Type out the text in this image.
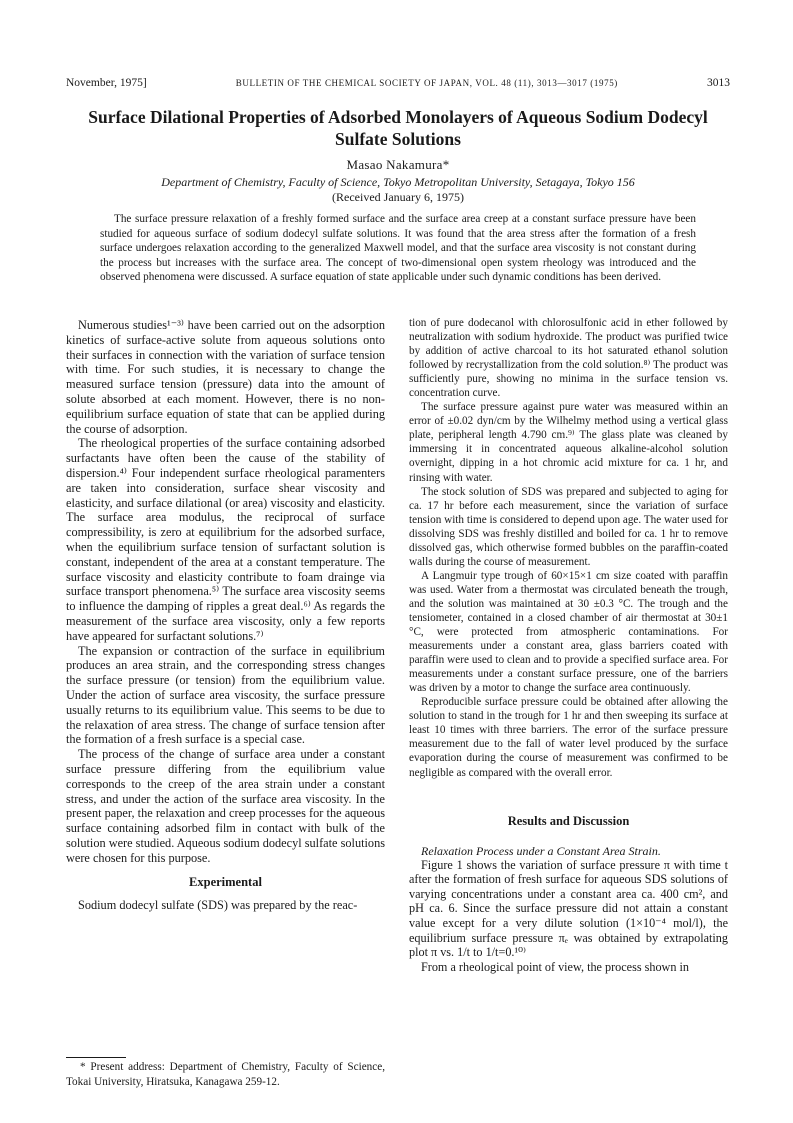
November, 1975]	BULLETIN OF THE CHEMICAL SOCIETY OF JAPAN, VOL. 48 (11), 3013—3017 (1975)	3013
Surface Dilational Properties of Adsorbed Monolayers of Aqueous Sodium Dodecyl Sulfate Solutions
Masao Nakamura*
Department of Chemistry, Faculty of Science, Tokyo Metropolitan University, Setagaya, Tokyo 156
(Received January 6, 1975)

The surface pressure relaxation of a freshly formed surface and the surface area creep at a constant surface pressure have been studied for aqueous surface of sodium dodecyl sulfate solutions. It was found that the area stress after the formation of a fresh surface undergoes relaxation according to the generalized Maxwell model, and that the surface area viscosity is not constant during the process but increases with the surface area. The concept of two-dimensional open system rheology was introduced and the observed phenomena were discussed. A surface equation of state applicable under such dynamic conditions has been derived.

Numerous studies¹⁻³⁾ have been carried out on the adsorption kinetics of surface-active solute from aqueous solutions onto their surfaces in connection with the variation of surface tension with time. For such studies, it is necessary to change the measured surface tension (pressure) data into the amount of solute absorbed at each moment. However, there is no non-equilibrium surface equation of state that can be applied during the course of adsorption.

The rheological properties of the surface containing adsorbed surfactants have often been the cause of the stability of dispersion.⁴⁾ Four independent surface rheological paramenters are taken into consideration, surface shear viscosity and elasticity, and surface dilational (or area) viscosity and elasticity. The surface area modulus, the reciprocal of surface compressibility, is zero at equilibrium for the adsorbed surface, when the equilibrium surface tension of surfactant solution is constant, independent of the area at a constant temperature. The surface viscosity and elasticity contribute to foam drainge via surface transport phenomena.⁵⁾ The surface area viscosity seems to influence the damping of ripples a great deal.⁶⁾ As regards the measurement of the surface area viscosity, only a few reports have appeared for surfactant solutions.⁷⁾

The expansion or contraction of the surface in equilibrium produces an area strain, and the corresponding stress changes the surface pressure (or tension) from the equilibrium value. Under the action of surface area viscosity, the surface pressure usually returns to its equilibrium value. This seems to be due to the relaxation of area stress. The change of surface tension after the formation of a fresh surface is a special case.

The process of the change of surface area under a constant surface pressure differing from the equilibrium value corresponds to the creep of the area strain under a constant stress, and under the action of the surface area viscosity. In the present paper, the relaxation and creep processes for the aqueous surface containing adsorbed film in contact with bulk of the solution were studied. Aqueous sodium dodecyl sulfate solutions were chosen for this purpose.

Experimental

Sodium dodecyl sulfate (SDS) was prepared by the reac-

tion of pure dodecanol with chlorosulfonic acid in ether followed by neutralization with sodium hydroxide. The product was purified twice by addition of active charcoal to its hot saturated ethanol solution followed by recrystallization from the cold solution.⁸⁾ The product was sufficiently pure, showing no minima in the surface tension vs. concentration curve.

The surface pressure against pure water was measured within an error of ±0.02 dyn/cm by the Wilhelmy method using a vertical glass plate, peripheral length 4.790 cm.⁹⁾ The glass plate was cleaned by immersing it in concentrated aqueous alkaline-alcohol solution overnight, dipping in a hot chromic acid mixture for ca. 1 hr, and rinsing with water.

The stock solution of SDS was prepared and subjected to aging for ca. 17 hr before each measurement, since the variation of surface tension with time is considered to depend upon age. The water used for dissolving SDS was freshly distilled and boiled for ca. 1 hr to remove dissolved gas, which otherwise formed bubbles on the paraffin-coated walls during the course of measurement.

A Langmuir type trough of 60×15×1 cm size coated with paraffin was used. Water from a thermostat was circulated beneath the trough, and the solution was maintained at 30 ±0.3 °C. The trough and the tensiometer, contained in a closed chamber of air thermostat at 30±1 °C, were protected from atmospheric contaminations. For measurements under a constant area, glass barriers coated with paraffin were used to clean and to provide a specified surface area. For measurements under a constant surface pressure, one of the barriers was driven by a motor to change the surface area continuously.

Reproducible surface pressure could be obtained after allowing the solution to stand in the trough for 1 hr and then sweeping its surface at least 10 times with three barriers. The error of the surface pressure measurement due to the fall of water level produced by the surface evaporation during the course of measurement was confirmed to be negligible as compared with the overall error.

Results and Discussion

Relaxation Process under a Constant Area Strain.

Figure 1 shows the variation of surface pressure π with time t after the formation of fresh surface for aqueous SDS solutions of varying concentrations under a constant area ca. 400 cm², and pH ca. 6. Since the surface pressure did not attain a constant value except for a very dilute solution (1×10⁻⁴ mol/l), the equilibrium surface pressure πₑ was obtained by extrapolating plot π vs. 1/t to 1/t=0.¹⁰⁾

From a rheological point of view, the process shown in

* Present address: Department of Chemistry, Faculty of Science, Tokai University, Hiratsuka, Kanagawa 259-12.
